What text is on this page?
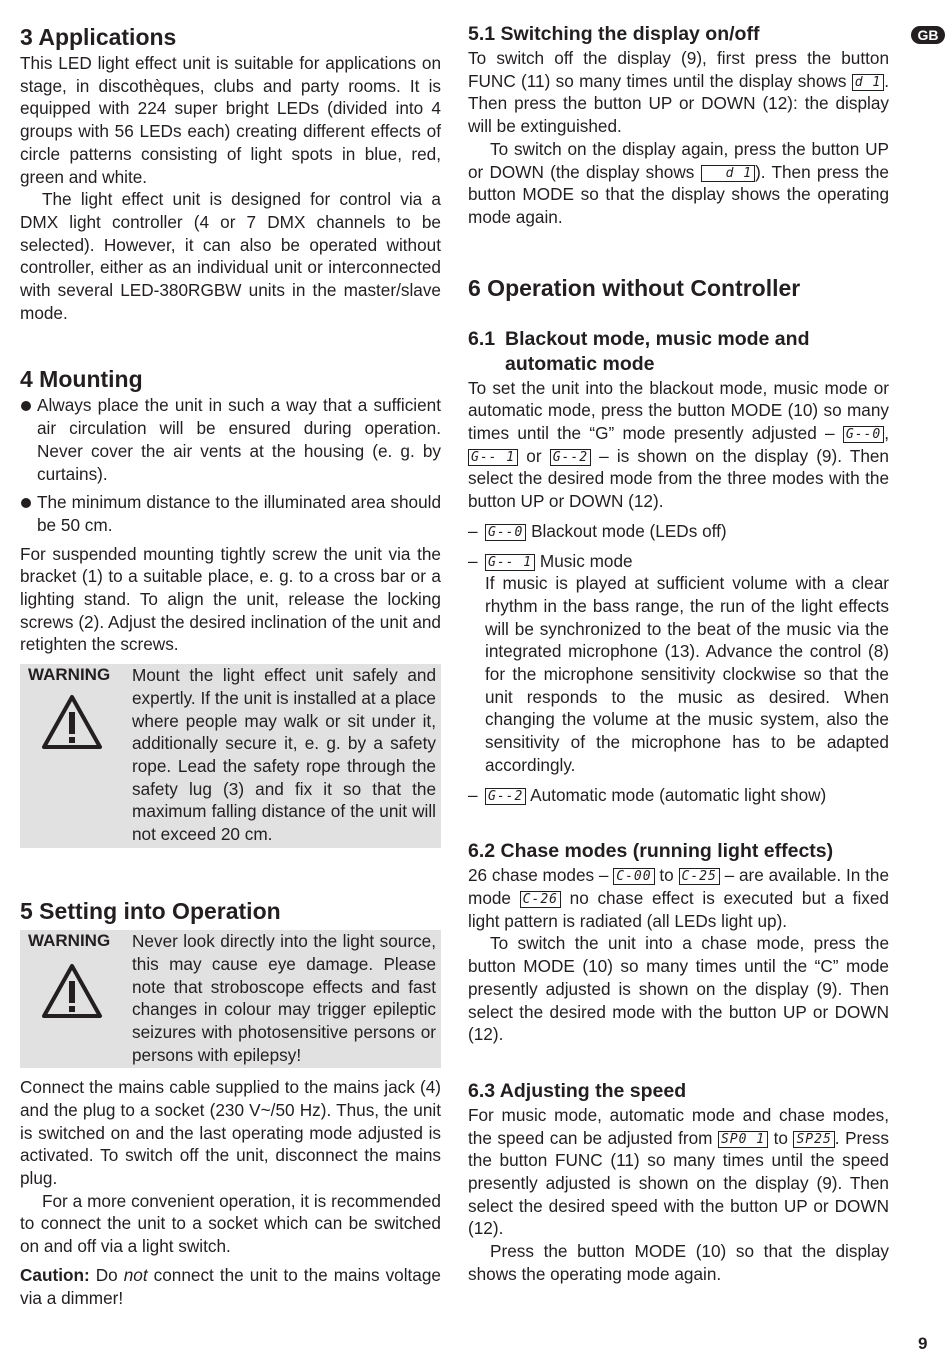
GB
3 Applications

This LED light effect unit is suitable for applications on stage, in discothèques, clubs and party rooms. It is equipped with 224 super bright LEDs (divided into 4 groups with 56 LEDs each) creating different effects of circle patterns consisting of light spots in blue, red, green and white.

The light effect unit is designed for control via a DMX light controller (4 or 7 DMX channels to be selected). However, it can also be operated without controller, either as an individual unit or interconnected with several LED-380RGBW units in the master/slave mode.

4 Mounting

Always place the unit in such a way that a sufficient air circulation will be ensured during operation. Never cover the air vents at the housing (e. g. by curtains).

The minimum distance to the illuminated area should be 50 cm.

For suspended mounting tightly screw the unit via the bracket (1) to a suitable place, e. g. to a cross bar or a lighting stand. To align the unit, release the locking screws (2). Adjust the desired inclination of the unit and retighten the screws.

WARNING Mount the light effect unit safely and expertly. If the unit is installed at a place where people may walk or sit under it, additionally secure it, e. g. by a safety rope. Lead the safety rope through the safety lug (3) and fix it so that the maximum falling distance of the unit will not exceed 20 cm.

5 Setting into Operation
WARNING Never look directly into the light source, this may cause eye damage. Please note that stroboscope effects and fast changes in colour may trigger epileptic seizures with photosensitive persons or persons with epilepsy!

Connect the mains cable supplied to the mains jack (4) and the plug to a socket (230 V~/50 Hz). Thus, the unit is switched on and the last operating mode adjusted is activated. To switch off the unit, disconnect the mains plug.

For a more convenient operation, it is recommended to connect the unit to a socket which can be switched on and off via a light switch.

Caution: Do not connect the unit to the mains voltage via a dimmer!

5.1 Switching the display on/off

To switch off the display (9), first press the button FUNC (11) so many times until the display shows d 1 . Then press the button UP or DOWN (12): the display will be extinguished.

To switch on the display again, press the button UP or DOWN (the display shows d 1 ). Then press the button MODE so that the display shows the operating mode again.

6 Operation without Controller
6.1 Blackout mode, music mode and
automatic mode

To set the unit into the blackout mode, music mode or automatic mode, press the button MODE (10) so many times until the “G” mode presently adjusted – G--0 , G-- 1 or G--2 – is shown on the display (9). Then select the desired mode from the three modes with the button UP or DOWN (12).

– G--0 Blackout mode (LEDs off)

– G-- 1 Music mode
If music is played at sufficient volume with a clear rhythm in the bass range, the run of the light effects will be synchronized to the beat of the music via the integrated microphone (13). Advance the control (8) for the microphone sensitivity clockwise so that the unit responds to the music as desired. When changing the volume at the music system, also the sensitivity of the microphone has to be adapted accordingly.

– G--2 Automatic mode (automatic light show)

6.2 Chase modes (running light effects)

26 chase modes – C-00 to C-25 – are available. In the mode C-26 no chase effect is executed but a fixed light pattern is radiated (all LEDs light up).

To switch the unit into a chase mode, press the button MODE (10) so many times until the “C” mode presently adjusted is shown on the display (9). Then select the desired mode with the button UP or DOWN (12).

6.3 Adjusting the speed

For music mode, automatic mode and chase modes, the speed can be adjusted from SP0 1 to SP25 . Press the button FUNC (11) so many times until the speed presently adjusted is shown on the display (9). Then select the desired speed with the button UP or DOWN (12).

Press the button MODE (10) so that the display shows the operating mode again.

9
